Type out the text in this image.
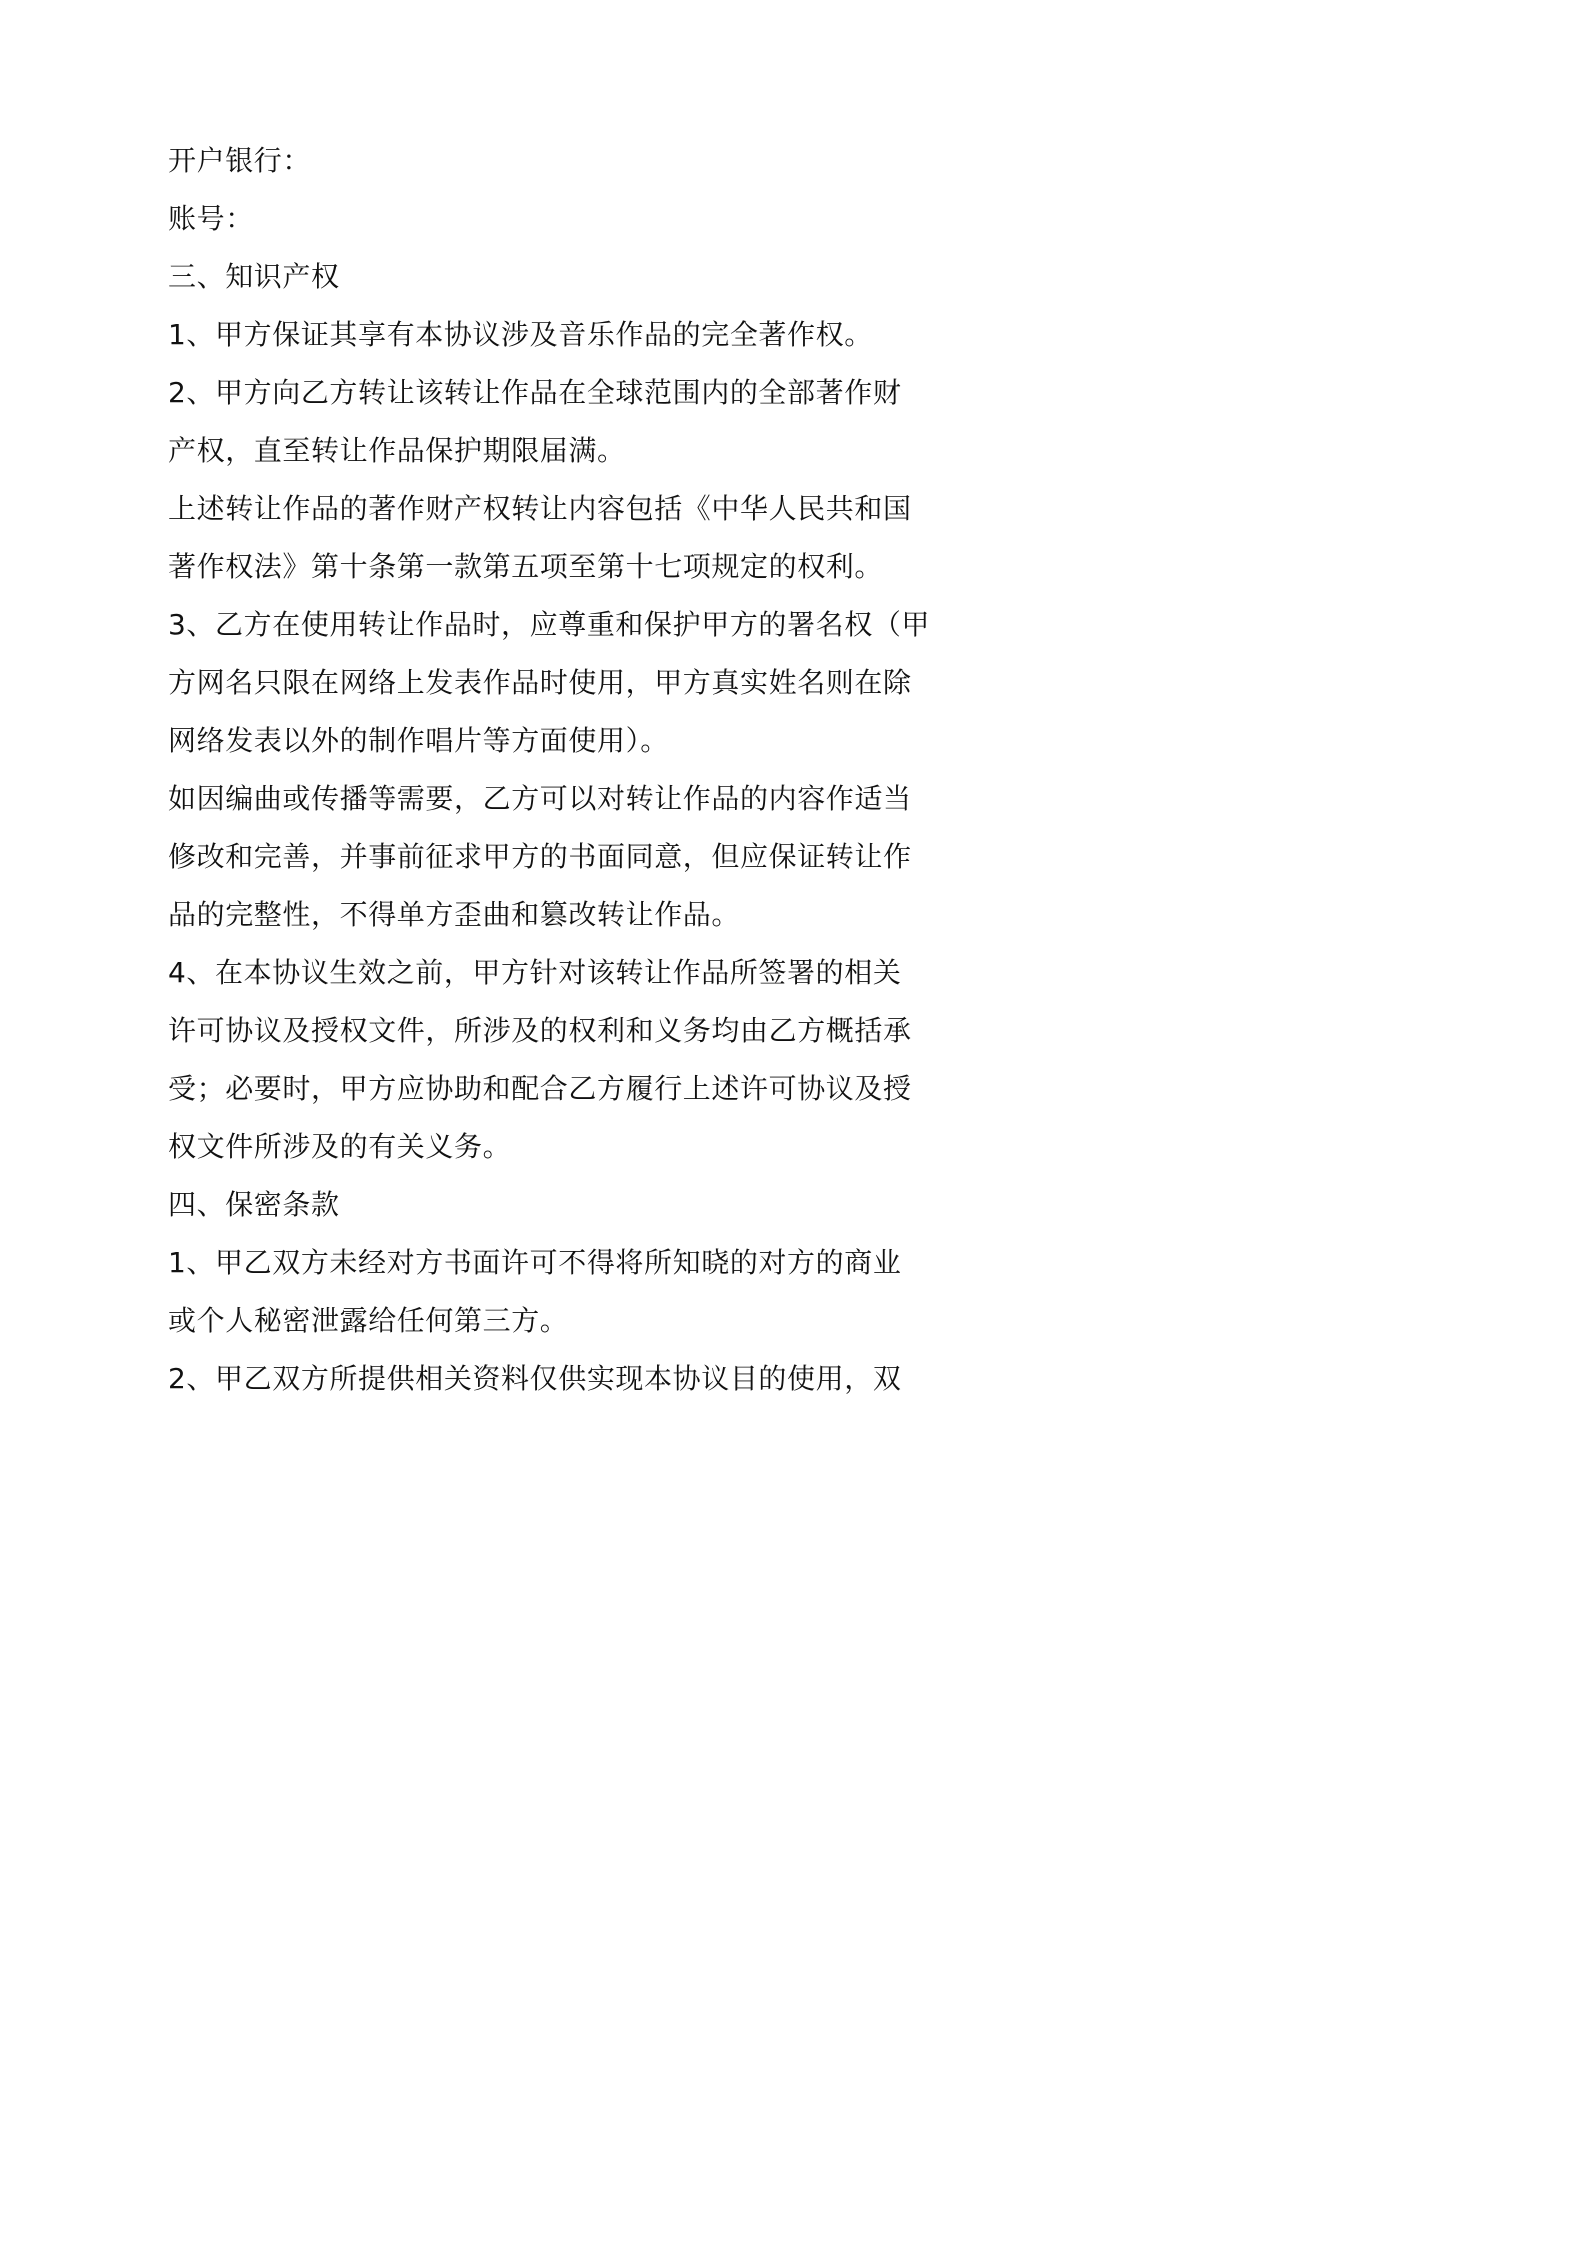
开户银行：
账号：
三、知识产权
1、甲方保证其享有本协议涉及音乐作品的完全著作权。
2、甲方向乙方转让该转让作品在全球范围内的全部著作财
产权，直至转让作品保护期限届满。
上述转让作品的著作财产权转让内容包括《中华人民共和国
著作权法》第十条第一款第五项至第十七项规定的权利。
3、乙方在使用转让作品时，应尊重和保护甲方的署名权（甲
方网名只限在网络上发表作品时使用，甲方真实姓名则在除
网络发表以外的制作唱片等方面使用）。
如因编曲或传播等需要，乙方可以对转让作品的内容作适当
修改和完善，并事前征求甲方的书面同意，但应保证转让作
品的完整性，不得单方歪曲和篡改转让作品。
4、在本协议生效之前，甲方针对该转让作品所签署的相关
许可协议及授权文件，所涉及的权利和义务均由乙方概括承
受；必要时，甲方应协助和配合乙方履行上述许可协议及授
权文件所涉及的有关义务。
四、保密条款
1、甲乙双方未经对方书面许可不得将所知晓的对方的商业
或个人秘密泄露给任何第三方。
2、甲乙双方所提供相关资料仅供实现本协议目的使用，双
